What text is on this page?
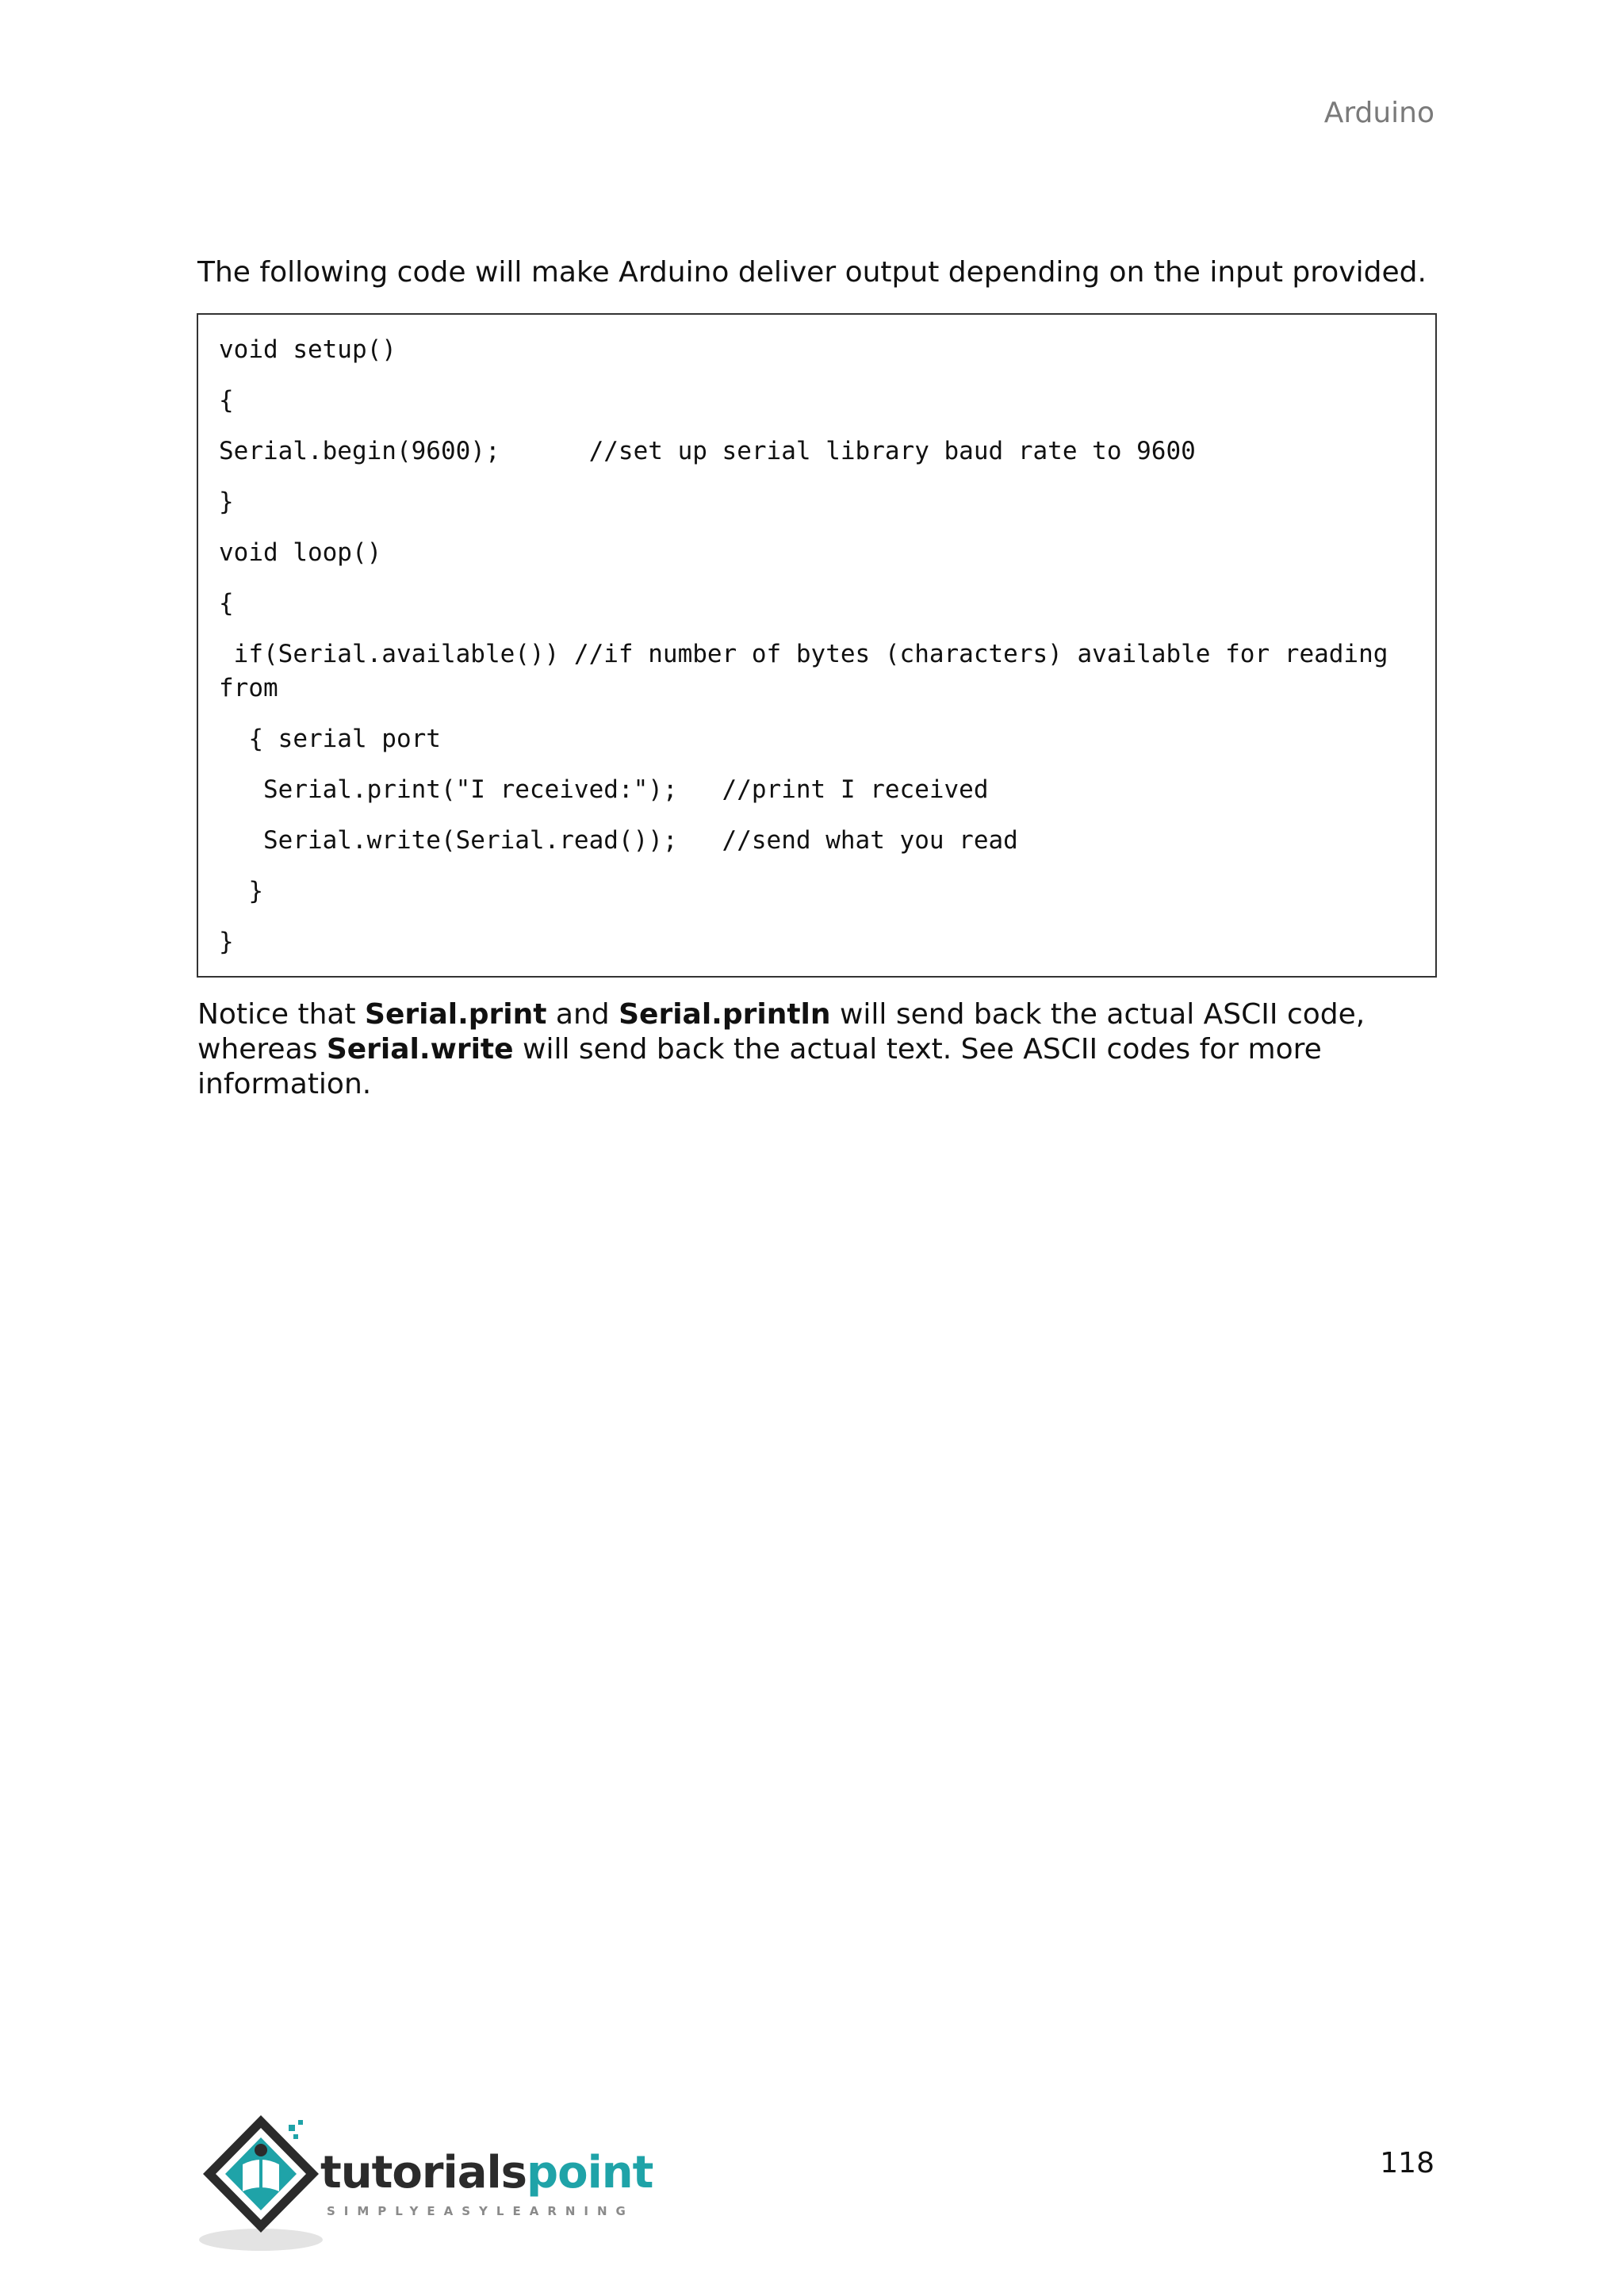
Arduino
The following code will make Arduino deliver output depending on the input provided.
void setup()
{
Serial.begin(9600);      //set up serial library baud rate to 9600
}
void loop()
{
if(Serial.available()) //if number of bytes (characters) available for reading
from
{ serial port
Serial.print("I received:");   //print I received
Serial.write(Serial.read());   //send what you read
}
}
Notice that Serial.print and Serial.println will send back the actual ASCII code, whereas Serial.write will send back the actual text. See ASCII codes for more information.
tutorialspoint
SIMPLYEASYLEARNING
118
